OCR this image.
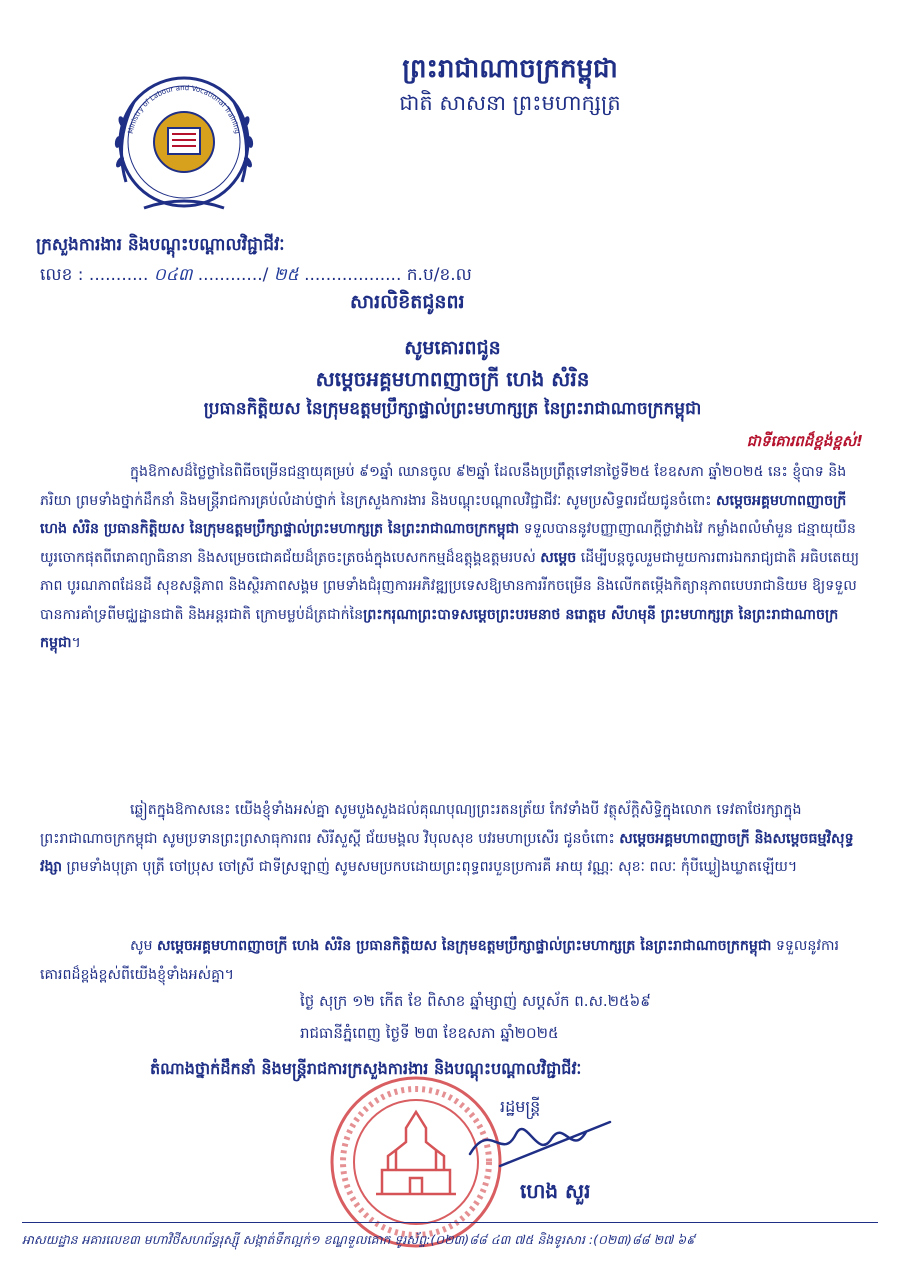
Ministry of Labour and Vocational Training
ព្រះរាជាណាចក្រកម្ពុជា
ជាតិ សាសនា ព្រះមហាក្សត្រ
ក្រសួងការងារ និងបណ្តុះបណ្តាលវិជ្ជាជីវៈ
លេខ : ........... ០៤៣ ............/ ២៥ .................. ក.ប/ខ.ល
សារលិខិតជូនពរ
សូមគោរពជូន
សម្តេចអគ្គមហាពញាចក្រី ហេង សំរិន
ប្រធានកិត្តិយស នៃក្រុមឧត្តមប្រឹក្សាផ្ទាល់ព្រះមហាក្សត្រ នៃព្រះរាជាណាចក្រកម្ពុជា
ជាទីគោរពដ៏ខ្ពង់ខ្ពស់!
ក្នុងឱកាសដ៏ថ្លៃថ្លានៃពិធីចម្រើនជន្មាយុគម្រប់ ៩១ឆ្នាំ ឈានចូល ៩២ឆ្នាំ ដែលនឹងប្រព្រឹត្តទៅនាថ្ងៃទី២៥ ខែឧសភា ឆ្នាំ២០២៥ នេះ ខ្ញុំបាទ និងភរិយា ព្រមទាំងថ្នាក់ដឹកនាំ និងមន្ត្រីរាជការគ្រប់លំដាប់ថ្នាក់ នៃក្រសួងការងារ និងបណ្តុះបណ្តាលវិជ្ជាជីវៈ សូមប្រសិទ្ធពរជ័យជូនចំពោះ សម្តេចអគ្គមហាពញាចក្រី ហេង សំរិន ប្រធានកិត្តិយស នៃក្រុមឧត្តមប្រឹក្សាផ្ទាល់ព្រះមហាក្សត្រ នៃព្រះរាជាណាចក្រកម្ពុជា ទទួលបាននូវបញ្ញាញាណក្តីថ្លាវាងវៃ កម្លាំងពលំមាំមួន ជន្មាយុយឺនយូរចោកផុតពីរោគាព្យាធិនានា និងសម្រេចជោគជ័យដ៏ត្រចះត្រចង់ក្នុងបេសកកម្មដ៏ឧត្តុង្គឧត្តមរបស់ សម្តេច ដើម្បីបន្តចូលរួមជាមួយការពារឯករាជ្យជាតិ អធិបតេយ្យភាព បូរណភាពដែនដី សុខសន្តិភាព និងស្ថិរភាពសង្គម ព្រមទាំងជំរុញការអភិវឌ្ឍប្រទេសឱ្យមានការរីកចម្រើន និងលើកតម្កើងកិត្យានុភាពបេបរាជានិយម ឱ្យទទួលបានការគាំទ្រពីមជ្ឈដ្ឋានជាតិ និងអន្តរជាតិ ក្រោមម្លប់ដ៏ត្រជាក់នៃព្រះករុណាព្រះបាទសម្តេចព្រះបរមនាថ នរោត្តម សីហមុនី ព្រះមហាក្សត្រ នៃព្រះរាជាណាចក្រកម្ពុជា។
ឆ្លៀតក្នុងឱកាសនេះ យើងខ្ញុំទាំងអស់គ្នា សូមបួងសួងដល់គុណបុណ្យព្រះរតនត្រ័យ កែវទាំងបី វត្ថុស័ក្តិសិទ្ធិក្នុងលោក ទេវតាថែរក្សាក្នុងព្រះរាជាណាចក្រកម្ពុជា សូមប្រទានព្រះព្រសាធុការពរ សិរីសួស្តី ជ័យមង្គល វិបុលសុខ បវរមហាប្រសើរ ជូនចំពោះ សម្តេចអគ្គមហាពញាចក្រី និងសម្តេចធម្មវិសុទ្ធវង្សា ព្រមទាំងបុត្រា បុត្រី ចៅប្រុស ចៅស្រី ជាទីស្រឡាញ់ សូមសមប្រកបដោយព្រះពុទ្ធពរបួនប្រការគឺ អាយុ វណ្ណៈ សុខៈ ពលៈ កុំបីឃ្លៀងឃ្លាតឡើយ។
សូម សម្តេចអគ្គមហាពញាចក្រី ហេង សំរិន ប្រធានកិត្តិយស នៃក្រុមឧត្តមប្រឹក្សាផ្ទាល់ព្រះមហាក្សត្រ នៃព្រះរាជាណាចក្រកម្ពុជា ទទួលនូវការគោរពដ៏ខ្ពង់ខ្ពស់ពីយើងខ្ញុំទាំងអស់គ្នា។
ថ្ងៃ សុក្រ ១២ កើត ខែ ពិសាខ ឆ្នាំម្សាញ់ សប្តស័ក ព.ស.២៥៦៩
រាជធានីភ្នំពេញ ថ្ងៃទី ២៣ ខែឧសភា ឆ្នាំ២០២៥
តំណាងថ្នាក់ដឹកនាំ និងមន្ត្រីរាជការក្រសួងការងារ និងបណ្តុះបណ្តាលវិជ្ជាជីវៈ
រដ្ឋមន្ត្រី
ហេង សួរ
អាសយដ្ឋាន អគារលេខ៣ មហាវិថីសហព័ន្ធរុស្ស៊ី សង្កាត់ទឹកល្អក់១ ខណ្ឌទួលគោក ទូរស័ព្ទ:(០២៣)៨៨ ៤៣ ៧៥ និងទូរសារ :(០២៣)៨៨ ២៧ ៦៩
